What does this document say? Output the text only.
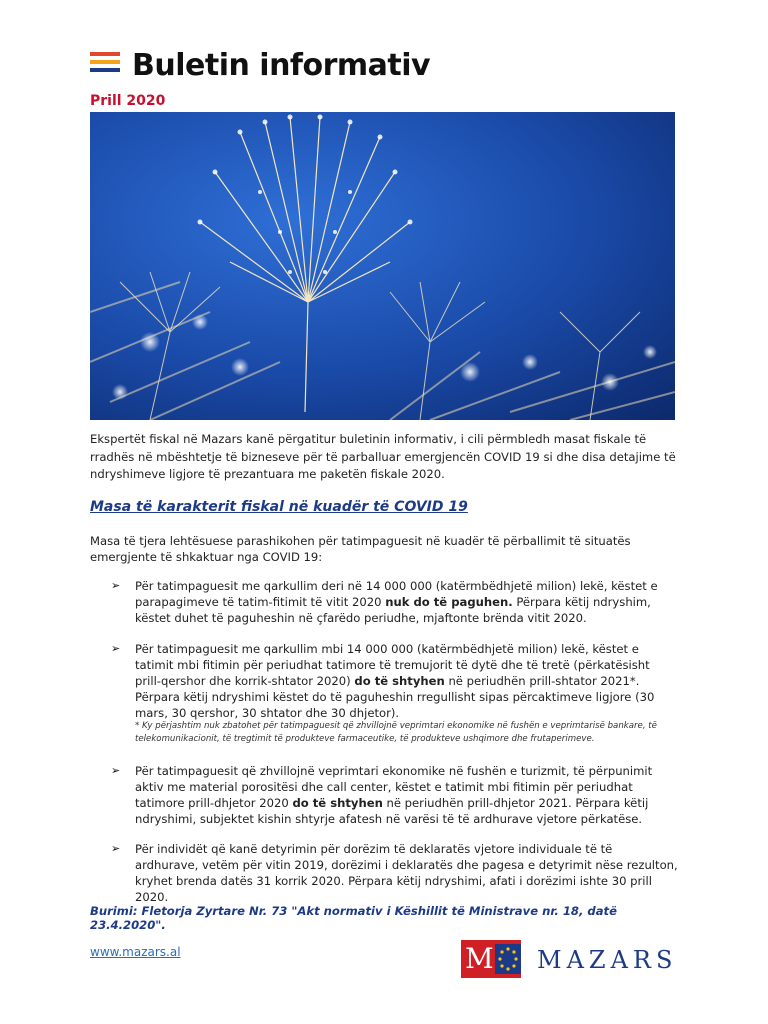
Buletin informativ
Prill 2020
Ekspertët fiskal në Mazars kanë përgatitur buletinin informativ, i cili përmbledh masat fiskale të rradhës në mbështetje të bizneseve për të parballuar emergjencën COVID 19 si dhe disa detajime të ndryshimeve ligjore të prezantuara me paketën fiskale 2020.
Masa të karakterit fiskal në kuadër të COVID 19
Masa të tjera lehtësuese parashikohen për tatimpaguesit në kuadër të përballimit të situatës emergjente të shkaktuar nga COVID 19:
➢ Për tatimpaguesit me qarkullim deri në 14 000 000 (katërmbëdhjetë milion) lekë, këstet e parapagimeve të tatim-fitimit të vitit 2020 nuk do të paguhen. Përpara këtij ndryshim, këstet duhet të paguheshin në çfarëdo periudhe, mjaftonte brënda vitit 2020.
➢ Për tatimpaguesit me qarkullim mbi 14 000 000 (katërmbëdhjetë milion) lekë, këstet e tatimit mbi fitimin për periudhat tatimore të tremujorit të dytë dhe të tretë (përkatësisht prill-qershor dhe korrik-shtator 2020) do të shtyhen në periudhën prill-shtator 2021*. Përpara këtij ndryshimi këstet do të paguheshin rregullisht sipas përcaktimeve ligjore (30 mars, 30 qershor, 30 shtator dhe 30 dhjetor).
* Ky përjashtim nuk zbatohet për tatimpaguesit që zhvillojnë veprimtari ekonomike në fushën e veprimtarisë bankare, të telekomunikacionit, të tregtimit të produkteve farmaceutike, të produkteve ushqimore dhe frutaperimeve.
➢ Për tatimpaguesit që zhvillojnë veprimtari ekonomike në fushën e turizmit, të përpunimit aktiv me material porositësi dhe call center, këstet e tatimit mbi fitimin për periudhat tatimore prill-dhjetor 2020 do të shtyhen në periudhën prill-dhjetor 2021. Përpara këtij ndryshimi, subjektet kishin shtyrje afatesh në varësi të të ardhurave vjetore përkatëse.
➢ Për individët që kanë detyrimin për dorëzim të deklaratës vjetore individuale të të ardhurave, vetëm për vitin 2019, dorëzimi i deklaratës dhe pagesa e detyrimit nëse rezulton, kryhet brenda datës 31 korrik 2020. Përpara këtij ndryshimi, afati i dorëzimi ishte 30 prill 2020.
Burimi: Fletorja Zyrtare Nr. 73 "Akt normativ i Këshillit të Ministrave nr. 18, datë 23.4.2020".
www.mazars.al	M MAZARS
